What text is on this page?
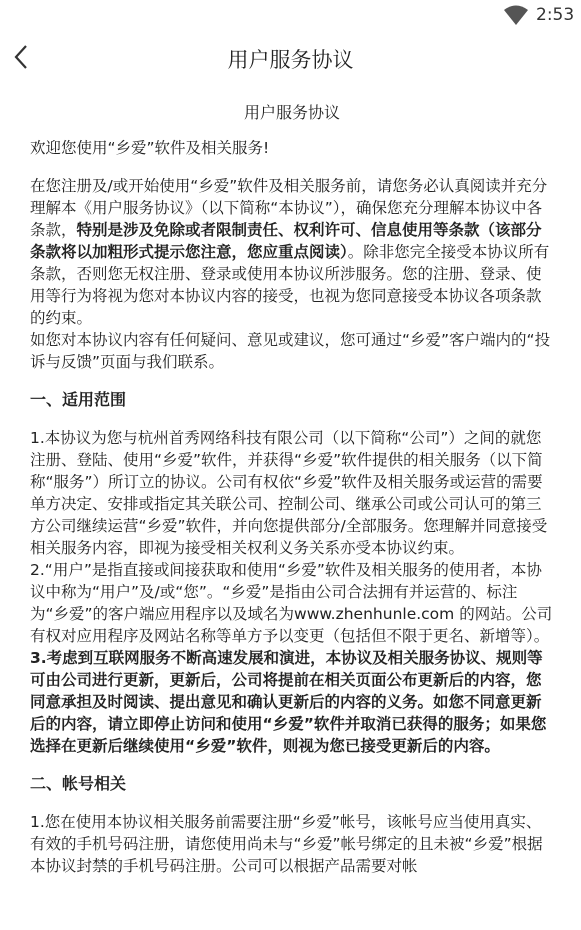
2:53
用户服务协议
用户服务协议

欢迎您使用“乡爱”软件及相关服务!

在您注册及/或开始使用“乡爱”软件及相关服务前，请您务必认真阅读并充分理解本《用户服务协议》（以下简称“本协议”），确保您充分理解本协议中各条款，特别是涉及免除或者限制责任、权利许可、信息使用等条款（该部分条款将以加粗形式提示您注意，您应重点阅读）。除非您完全接受本协议所有条款，否则您无权注册、登录或使用本协议所涉服务。您的注册、登录、使用等行为将视为您对本协议内容的接受，也视为您同意接受本协议各项条款的约束。

如您对本协议内容有任何疑问、意见或建议，您可通过“乡爱”客户端内的“投诉与反馈”页面与我们联系。

一、适用范围

1.本协议为您与杭州首秀网络科技有限公司（以下简称“公司”）之间的就您注册、登陆、使用“乡爱”软件，并获得“乡爱”软件提供的相关服务（以下简称“服务”）所订立的协议。公司有权依“乡爱”软件及相关服务或运营的需要单方决定、安排或指定其关联公司、控制公司、继承公司或公司认可的第三方公司继续运营“乡爱”软件，并向您提供部分/全部服务。您理解并同意接受相关服务内容，即视为接受相关权利义务关系亦受本协议约束。

2.“用户”是指直接或间接获取和使用“乡爱”软件及相关服务的使用者，本协议中称为“用户”及/或“您”。“乡爱”是指由公司合法拥有并运营的、标注为“乡爱”的客户端应用程序以及域名为www.zhenhunle.com 的网站。公司有权对应用程序及网站名称等单方予以变更（包括但不限于更名、新增等）。

3.考虑到互联网服务不断高速发展和演进，本协议及相关服务协议、规则等可由公司进行更新，更新后，公司将提前在相关页面公布更新后的内容，您同意承担及时阅读、提出意见和确认更新后的内容的义务。如您不同意更新后的内容，请立即停止访问和使用“乡爱”软件并取消已获得的服务；如果您选择在更新后继续使用“乡爱”软件，则视为您已接受更新后的内容。

二、帐号相关

1.您在使用本协议相关服务前需要注册“乡爱”帐号，该帐号应当使用真实、有效的手机号码注册，请您使用尚未与“乡爱”帐号绑定的且未被“乡爱”根据本协议封禁的手机号码注册。公司可以根据产品需要对帐
